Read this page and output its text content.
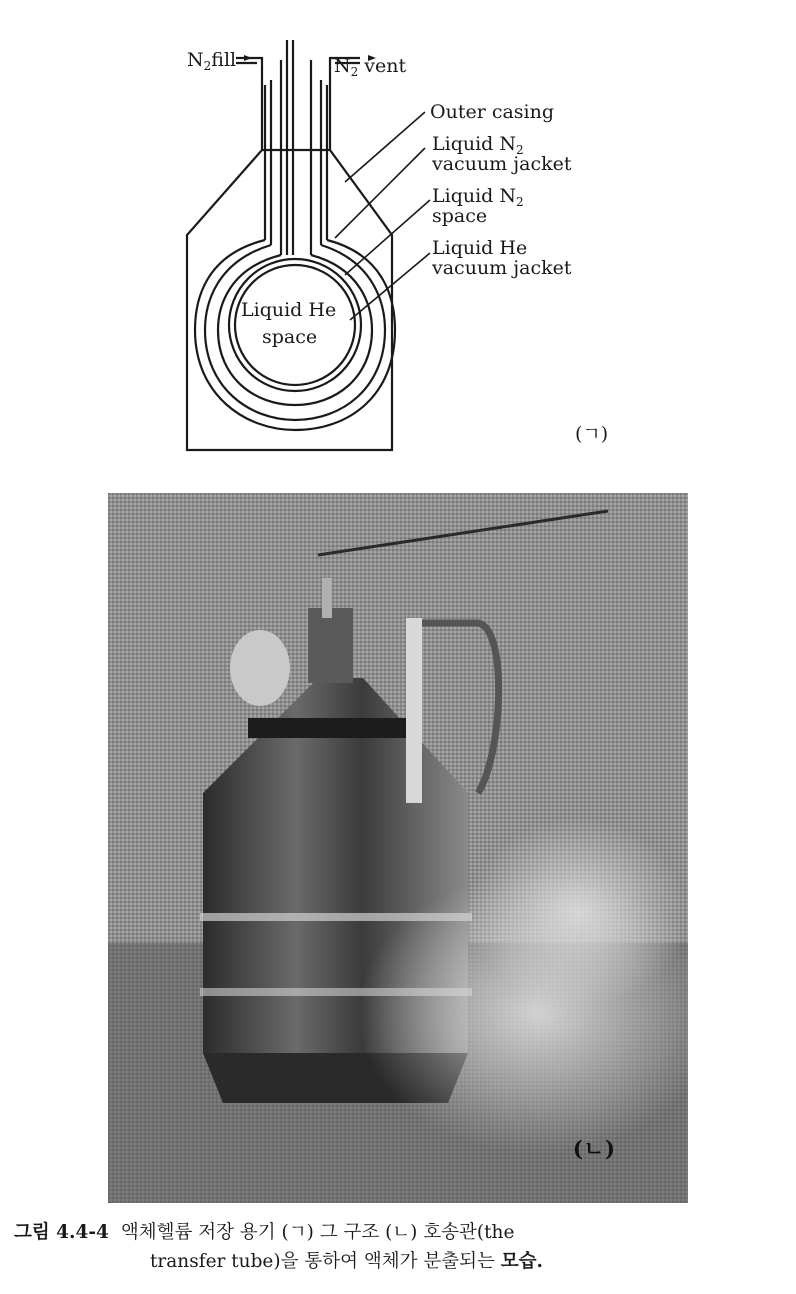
$N_2fill$	$N_2$ vent
Outer casing
Liquid $N_2$
vacuum jacket
Liquid $N_2$
space
Liquid He
vacuum jacket
Liquid He
space
(ㄱ)
(ㄴ)
그림 4.4-4 액체헬륨 저장 용기 (ㄱ) 그 구조 (ㄴ) 호송관(the
transfer tube)을 통하여 액체가 분출되는 모습.
